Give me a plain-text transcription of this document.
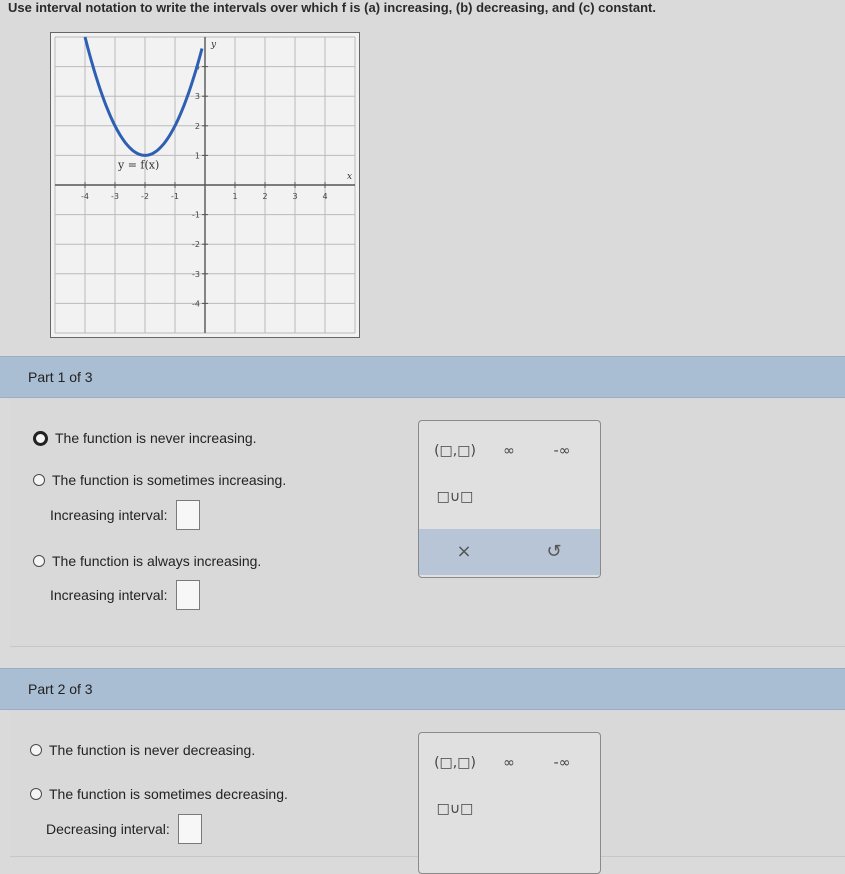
Use interval notation to write the intervals over which f is (a) increasing, (b) decreasing, and (c) constant.

-4	-3	-2	-1	1	2	3	4
4
3
2
1
-1
-2
-3
-4
x
y
y = f(x)
Part 1 of 3
The function is never increasing.
The function is sometimes increasing.
Increasing interval:
The function is always increasing.
Increasing interval:
(□,□)	∞	-∞
□∪□
×	↺
Part 2 of 3
The function is never decreasing.
The function is sometimes decreasing.
Decreasing interval:
(□,□)	∞	-∞
□∪□
